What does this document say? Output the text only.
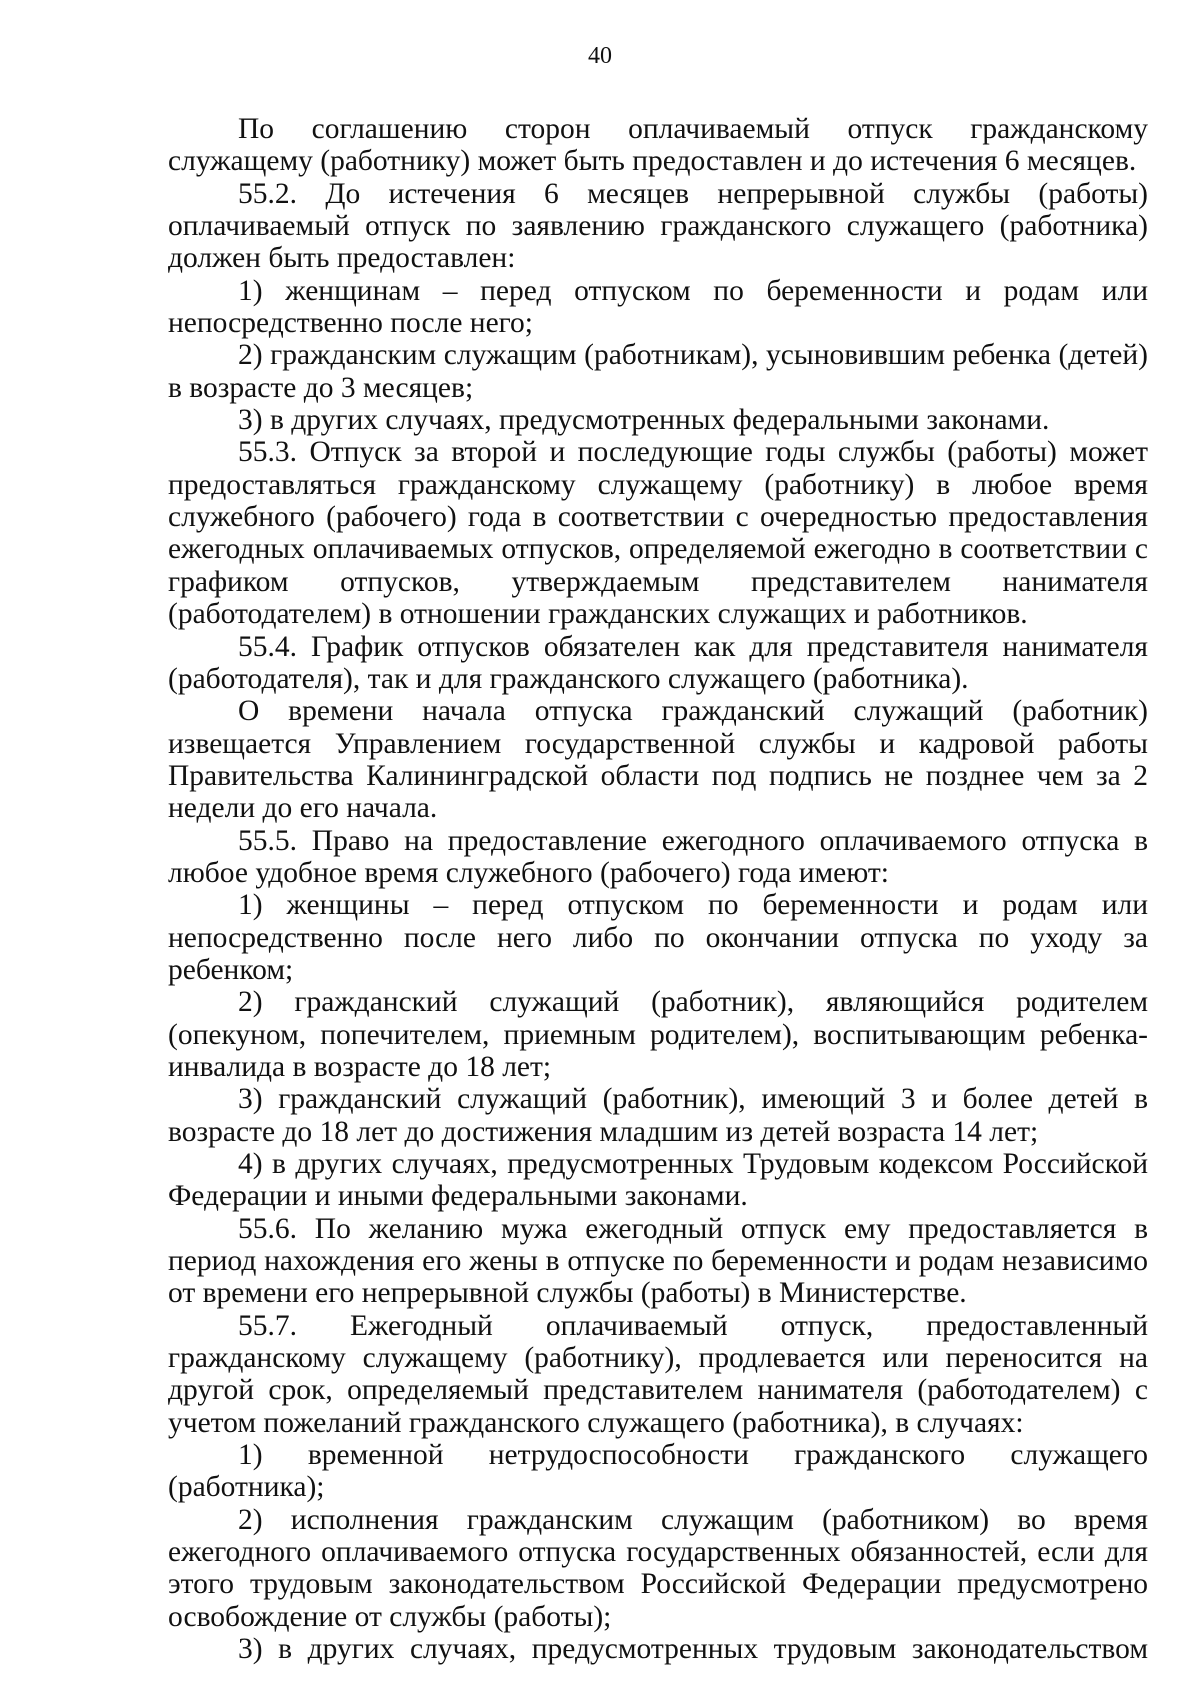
40

По соглашению сторон оплачиваемый отпуск гражданскому служащему (работнику) может быть предоставлен и до истечения 6 месяцев.

55.2. До истечения 6 месяцев непрерывной службы (работы) оплачиваемый отпуск по заявлению гражданского служащего (работника) должен быть предоставлен:

1) женщинам – перед отпуском по беременности и родам или непосредственно после него;

2) гражданским служащим (работникам), усыновившим ребенка (детей) в возрасте до 3 месяцев;

3) в других случаях, предусмотренных федеральными законами.

55.3. Отпуск за второй и последующие годы службы (работы) может предоставляться гражданскому служащему (работнику) в любое время служебного (рабочего) года в соответствии с очередностью предоставления ежегодных оплачиваемых отпусков, определяемой ежегодно в соответствии с графиком отпусков, утверждаемым представителем нанимателя (работодателем) в отношении гражданских служащих и работников.

55.4. График отпусков обязателен как для представителя нанимателя (работодателя), так и для гражданского служащего (работника).

О времени начала отпуска гражданский служащий (работник) извещается Управлением государственной службы и кадровой работы Правительства Калининградской области под подпись не позднее чем за 2 недели до его начала.

55.5. Право на предоставление ежегодного оплачиваемого отпуска в любое удобное время служебного (рабочего) года имеют:

1) женщины – перед отпуском по беременности и родам или непосредственно после него либо по окончании отпуска по уходу за ребенком;

2) гражданский служащий (работник), являющийся родителем (опекуном, попечителем, приемным родителем), воспитывающим ребенка-инвалида в возрасте до 18 лет;

3) гражданский служащий (работник), имеющий 3 и более детей в возрасте до 18 лет до достижения младшим из детей возраста 14 лет;

4) в других случаях, предусмотренных Трудовым кодексом Российской Федерации и иными федеральными законами.

55.6. По желанию мужа ежегодный отпуск ему предоставляется в период нахождения его жены в отпуске по беременности и родам независимо от времени его непрерывной службы (работы) в Министерстве.

55.7. Ежегодный оплачиваемый отпуск, предоставленный гражданскому служащему (работнику), продлевается или переносится на другой срок, определяемый представителем нанимателя (работодателем) с учетом пожеланий гражданского служащего (работника), в случаях:

1) временной нетрудоспособности гражданского служащего (работника);

2) исполнения гражданским служащим (работником) во время ежегодного оплачиваемого отпуска государственных обязанностей, если для этого трудовым законодательством Российской Федерации предусмотрено освобождение от службы (работы);

3) в других случаях, предусмотренных трудовым законодательством
